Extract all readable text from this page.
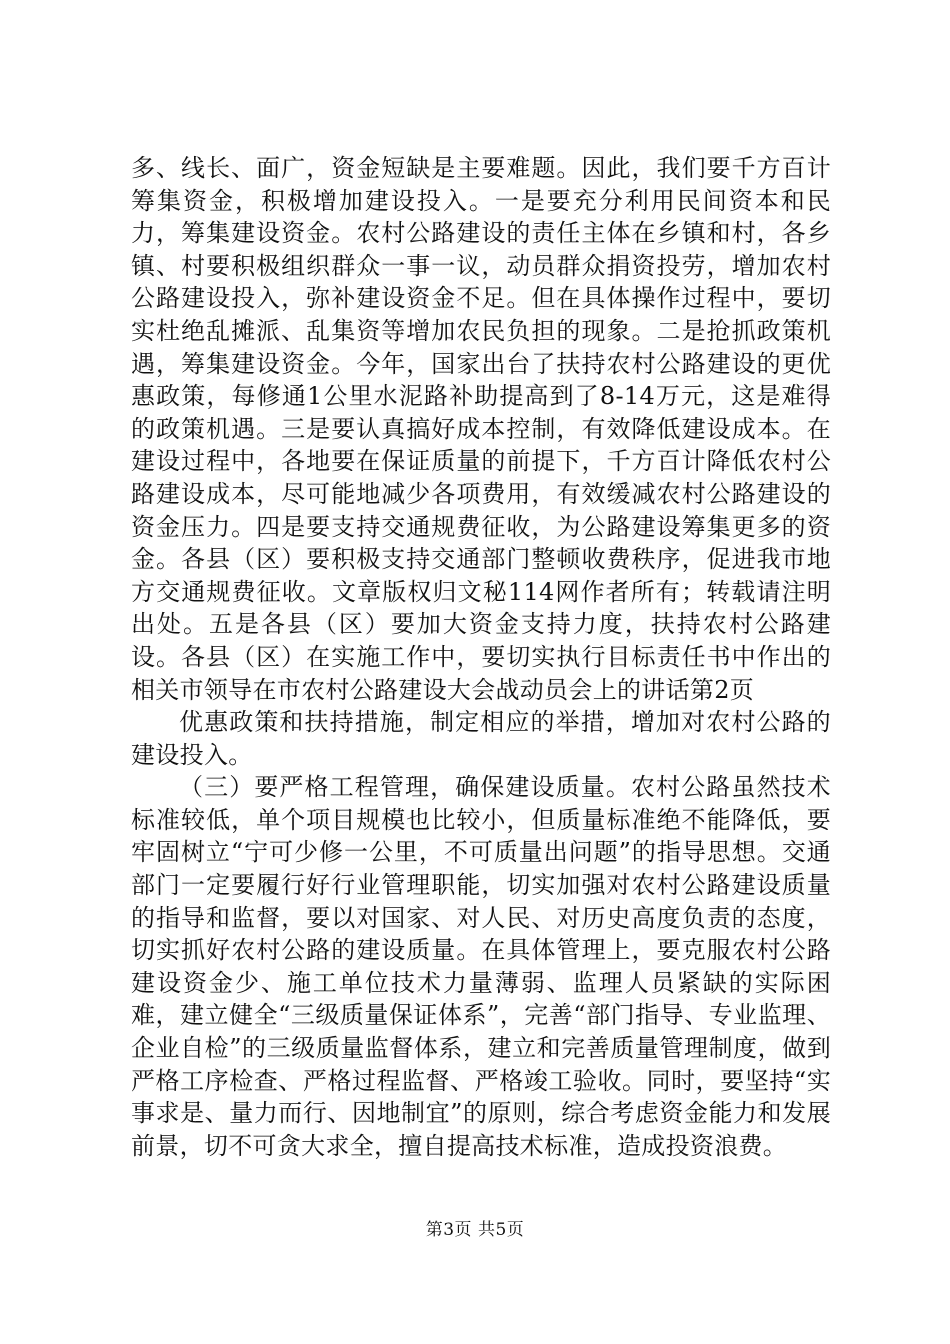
多、线长、面广，资金短缺是主要难题。因此，我们要千方百计筹集资金，积极增加建设投入。一是要充分利用民间资本和民力，筹集建设资金。农村公路建设的责任主体在乡镇和村，各乡镇、村要积极组织群众一事一议，动员群众捐资投劳，增加农村公路建设投入，弥补建设资金不足。但在具体操作过程中，要切实杜绝乱摊派、乱集资等增加农民负担的现象。二是抢抓政策机遇，筹集建设资金。今年，国家出台了扶持农村公路建设的更优惠政策，每修通1公里水泥路补助提高到了8-14万元，这是难得的政策机遇。三是要认真搞好成本控制，有效降低建设成本。在建设过程中，各地要在保证质量的前提下，千方百计降低农村公路建设成本，尽可能地减少各项费用，有效缓减农村公路建设的资金压力。四是要支持交通规费征收，为公路建设筹集更多的资金。各县（区）要积极支持交通部门整顿收费秩序，促进我市地方交通规费征收。文章版权归文秘114网作者所有；转载请注明出处。五是各县（区）要加大资金支持力度，扶持农村公路建设。各县（区）在实施工作中，要切实执行目标责任书中作出的相关市领导在市农村公路建设大会战动员会上的讲话第2页

优惠政策和扶持措施，制定相应的举措，增加对农村公路的建设投入。

（三）要严格工程管理，确保建设质量。农村公路虽然技术标准较低，单个项目规模也比较小，但质量标准绝不能降低，要牢固树立“宁可少修一公里，不可质量出问题”的指导思想。交通部门一定要履行好行业管理职能，切实加强对农村公路建设质量的指导和监督，要以对国家、对人民、对历史高度负责的态度，切实抓好农村公路的建设质量。在具体管理上，要克服农村公路建设资金少、施工单位技术力量薄弱、监理人员紧缺的实际困难，建立健全“三级质量保证体系”，完善“部门指导、专业监理、企业自检”的三级质量监督体系，建立和完善质量管理制度，做到严格工序检查、严格过程监督、严格竣工验收。同时，要坚持“实事求是、量力而行、因地制宜”的原则，综合考虑资金能力和发展前景，切不可贪大求全，擅自提高技术标准，造成投资浪费。

第3页 共5页
